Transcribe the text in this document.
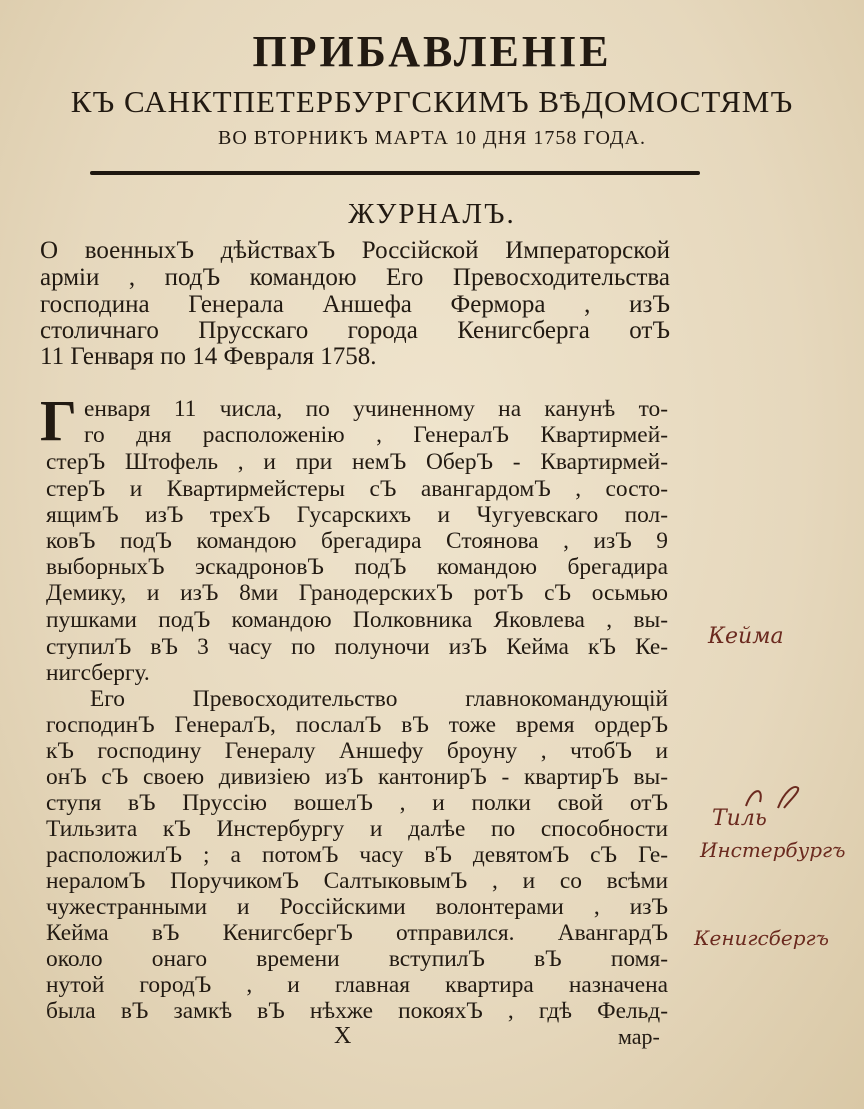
ПРИБАВЛЕНІЕ
КЪ САНКТПЕТЕРБУРГСКИМЪ ВѢДОМОСТЯМЪ
ВО ВТОРНИКЪ МАРТА 10 ДНЯ 1758 ГОДА.
ЖУРНАЛЪ.
О военныхЪ дѣйствахЪ Россійской Императорской
арміи , подЪ командою Его Превосходительства
господина Генерала Аншефа Фермора , изЪ
столичнаго Прусскаго города Кенигсберга отЪ
11 Генваря по 14 Февраля 1758.
Г енваря 11 числа, по учиненному на канунѣ то-
го дня расположенію , ГенералЪ Квартирмей-
стерЪ Штофель , и при немЪ ОберЪ - Квартирмей-
стерЪ и Квартирмейстеры сЪ авангардомЪ , состо-
ящимЪ изЪ трехЪ Гусарскихъ и Чугуевскаго пол-
ковЪ подЪ командою брегадира Стоянова , изЪ 9
выборныхЪ эскадроновЪ подЪ командою брегадира
Демику, и изЪ 8ми ГранодерскихЪ ротЪ сЪ осьмью
пушками подЪ командою Полковника Яковлева , вы-
ступилЪ вЪ 3 часу по полуночи изЪ Кейма кЪ Ке-
нигсбергу.
Его Превосходительство главнокомандующій
господинЪ ГенералЪ, послалЪ вЪ тоже время ордерЪ
кЪ господину Генералу Аншефу броуну , чтобЪ и
онЪ сЪ своею дивизіею изЪ кантонирЪ - квартирЪ вы-
ступя вЪ Пруссію вошелЪ , и полки свой отЪ
Тильзита кЪ Инстербургу и далѣе по способности
расположилЪ ; а потомЪ часу вЪ девятомЪ сЪ Ге-
нераломЪ ПоручикомЪ СалтыковымЪ , и со всѣми
чужестранными и Россійскими волонтерами , изЪ
Кейма вЪ КенигсбергЪ отправился. АвангардЪ
около онаго времени вступилЪ вЪ помя-
нутой городЪ , и главная квартира назначена
была вЪ замкѣ вЪ нѣхже покояхЪ , гдѣ Фельд-
Х	мар-
Кейма
Тиль
Инстербургъ
Кенигсбергъ
